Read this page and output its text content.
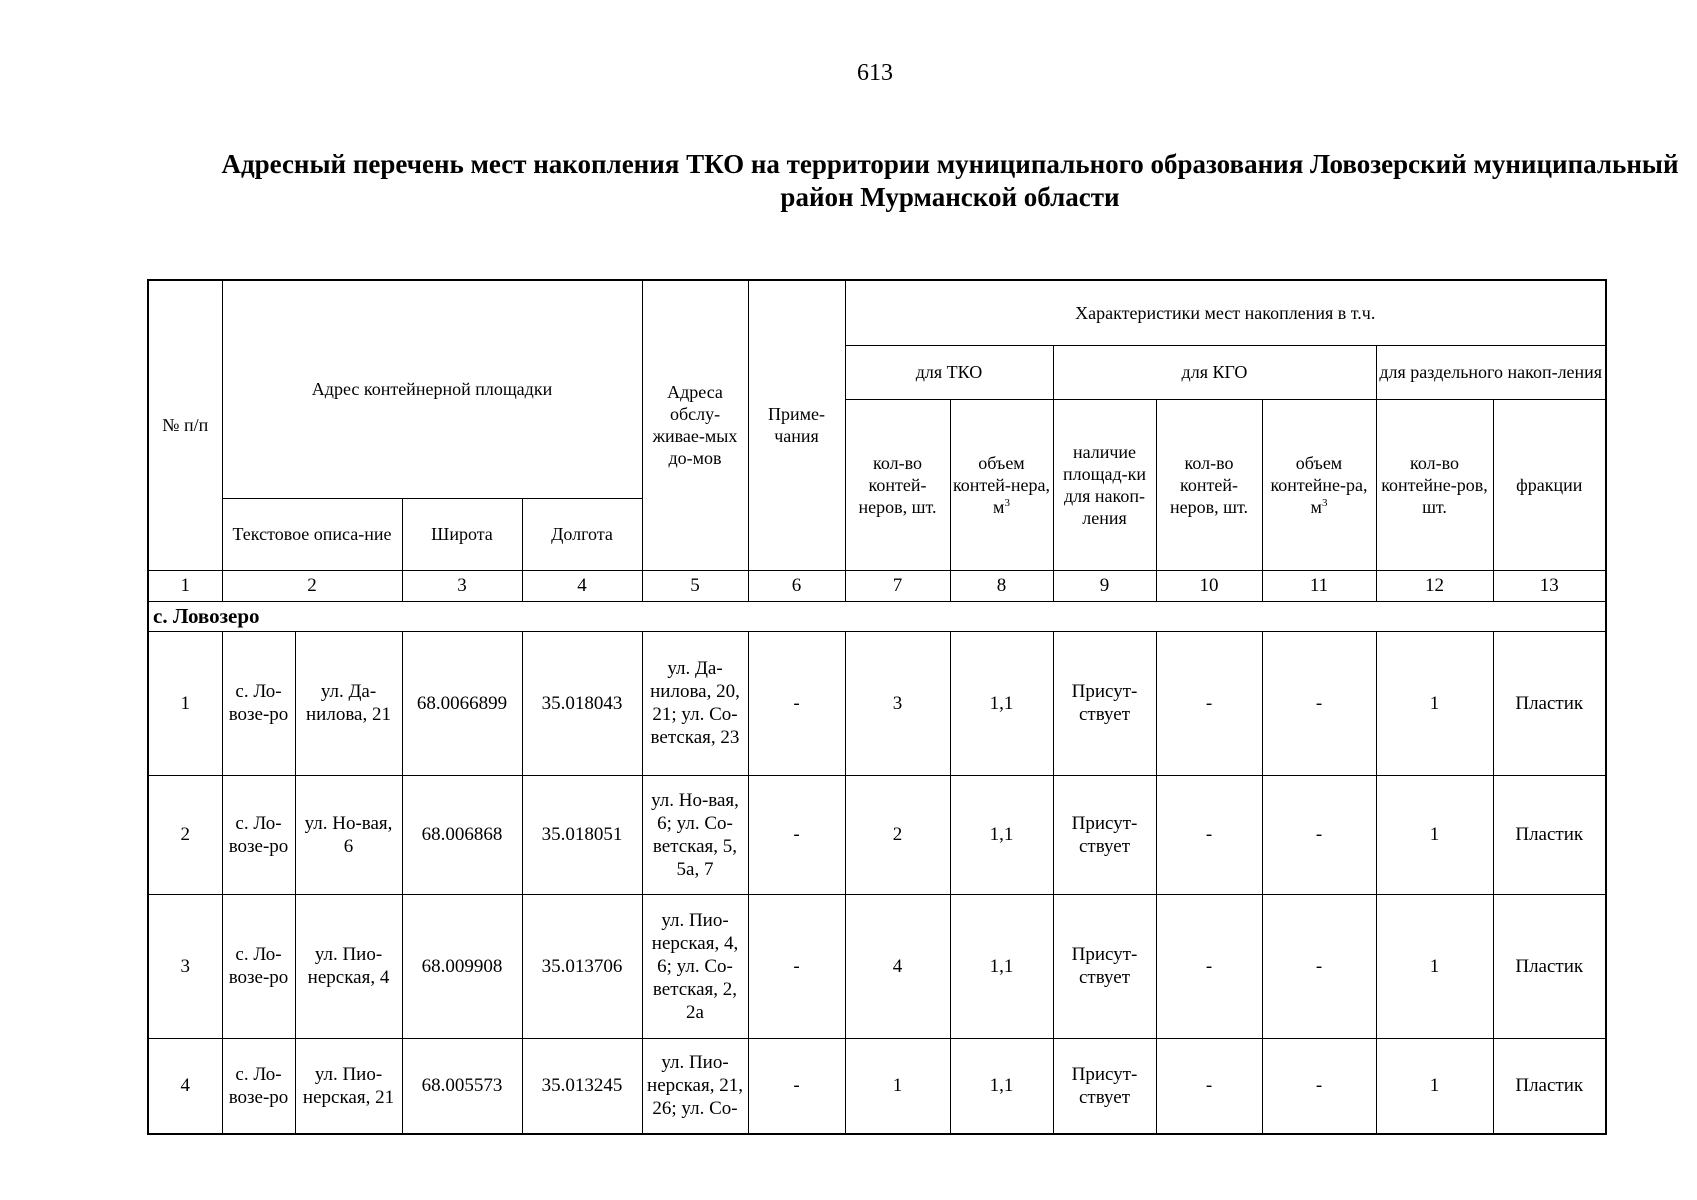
613
Адресный перечень мест накопления ТКО на территории муниципального образования Ловозерский муниципальный район Мурманской области
№ п/п	Адрес контейнерной площадки				Адреса обслу-живае-мых до-мов	Приме-чания	Характеристики мест накопления в т.ч.						
							для ТКО		для КГО			для раздельного накоп-ления	
							кол-во контей-неров, шт.	объем контей-нера, $м^3$	наличие площад-ки для накоп-ления	кол-во контей-неров, шт.	объем контейне-ра, $м^3$	кол-во контейне-ров, шт.	фракции
	Текстовое описа-ние		Широта	Долгота									
1	2		3	4	5	6	7	8	9	10	11	12	13
с. Ловозеро													
1	с. Ло-возе-ро	ул. Да-нилова, 21	68.0066899	35.018043	ул. Да-нилова, 20, 21; ул. Со-ветская, 23	-	3	1,1	Присут-ствует	-	-	1	Пластик
2	с. Ло-возе-ро	ул. Но-вая, 6	68.006868	35.018051	ул. Но-вая, 6; ул. Со-ветская, 5, 5а, 7	-	2	1,1	Присут-ствует	-	-	1	Пластик
3	с. Ло-возе-ро	ул. Пио-нерская, 4	68.009908	35.013706	ул. Пио-нерская, 4, 6; ул. Со-ветская, 2, 2а	-	4	1,1	Присут-ствует	-	-	1	Пластик
4	с. Ло-возе-ро	ул. Пио-нерская, 21	68.005573	35.013245	ул. Пио-нерская, 21, 26; ул. Со-	-	1	1,1	Присут-ствует	-	-	1	Пластик
